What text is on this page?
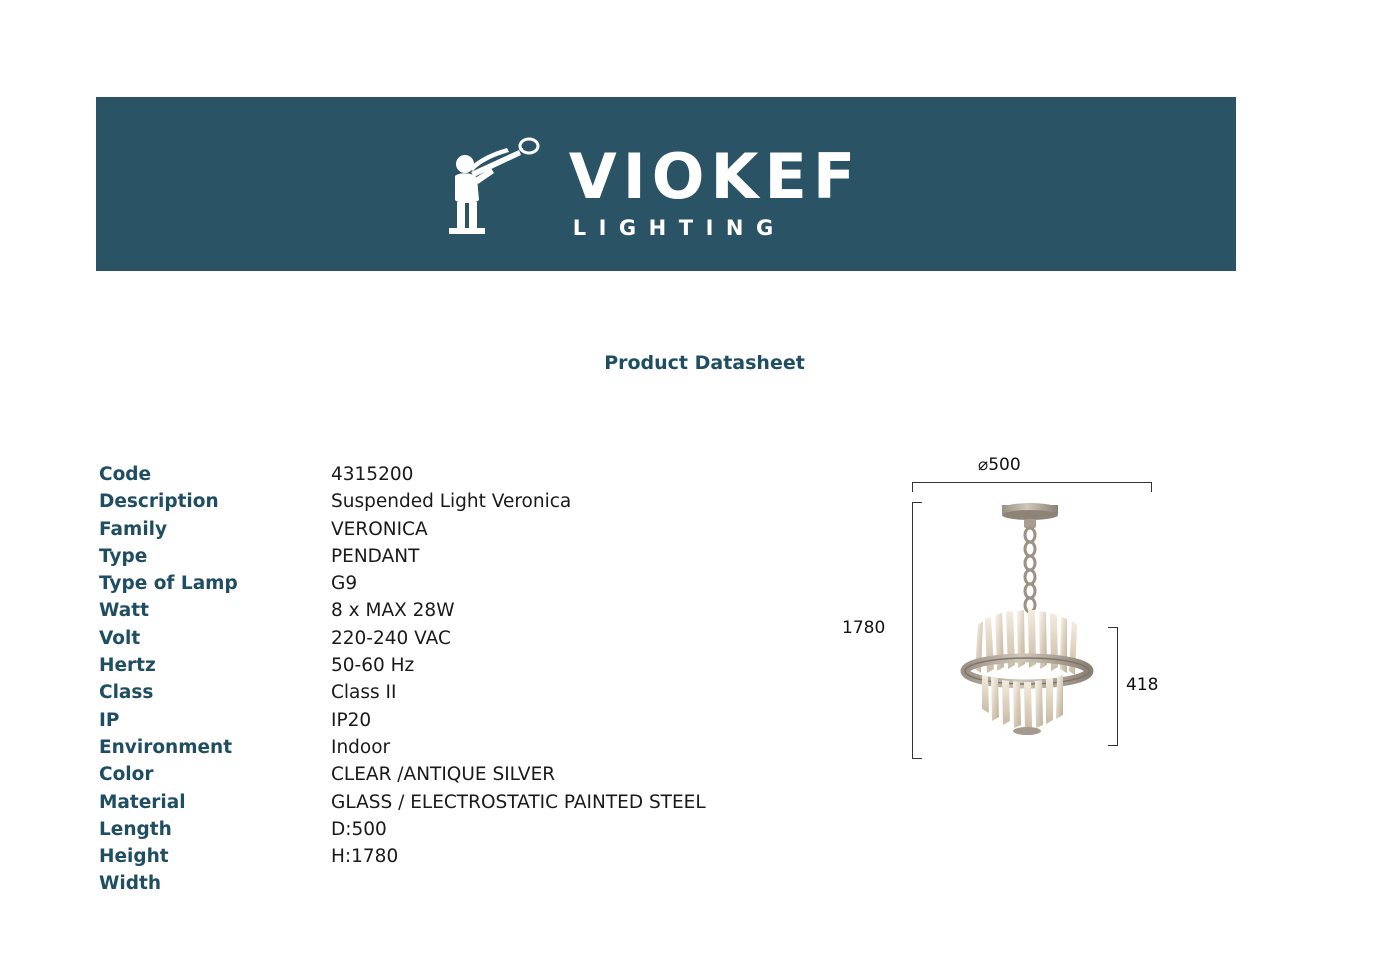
VIOKEF
LIGHTING
Product Datasheet
Code	4315200
Description	Suspended Light Veronica
Family	VERONICA
Type	PENDANT
Type of Lamp	G9
Watt	8 x MAX 28W
Volt	220-240 VAC
Hertz	50-60 Hz
Class	Class II
IP	IP20
Environment	Indoor
Color	CLEAR /ANTIQUE SILVER
Material	GLASS / ELECTROSTATIC PAINTED STEEL
Length	D:500
Height	H:1780
Width	
⌀500
1780
418
